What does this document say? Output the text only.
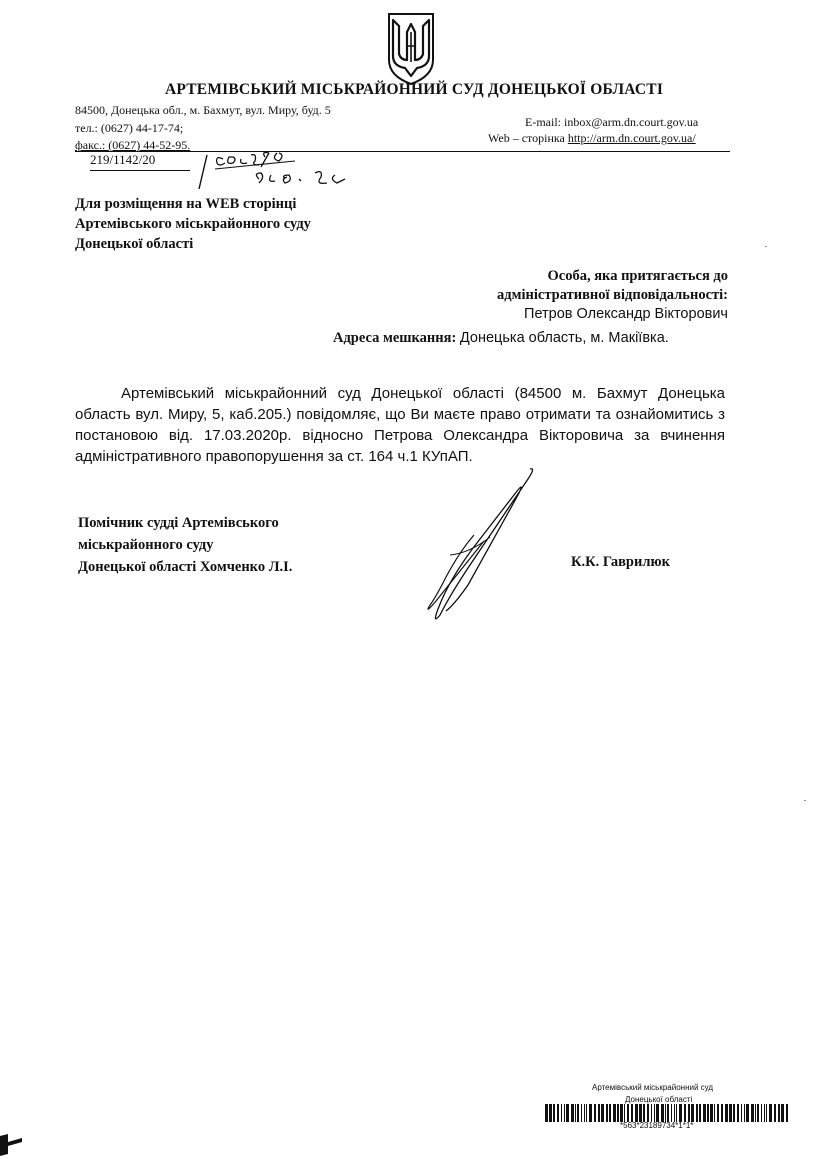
АРТЕМІВСЬКИЙ МІСЬКРАЙОННИЙ СУД ДОНЕЦЬКОЇ ОБЛАСТІ
84500, Донецька обл., м. Бахмут, вул. Миру, буд. 5
тел.: (0627) 44-17-74;
факс.: (0627) 44-52-95.
E-mail: inbox@arm.dn.court.gov.ua
Web – сторінка http://arm.dn.court.gov.ua/
219/1142/20
Для розміщення на WEB сторінці
Артемівського міськрайонного суду
Донецької області
Особа, яка притягається до
адміністративної відповідальності:
Петров Олександр Вікторович
Адреса мешкання: Донецька область, м. Макіївка.
Артемівський міськрайонний суд Донецької області (84500 м. Бахмут Донецька область вул. Миру, 5, каб.205.) повідомляє, що Ви маєте право отримати та ознайомитись з постановою від. 17.03.2020р. відносно Петрова Олександра Вікторовича за вчинення адміністративного правопорушення за ст. 164 ч.1 КУпАП.
Помічник судді Артемівського
міськрайонного суду
Донецької області Хомченко Л.І.	К.К. Гаврилюк
Артемівський міськрайонний суд
Донецької області
*563*23189734*1*1*
